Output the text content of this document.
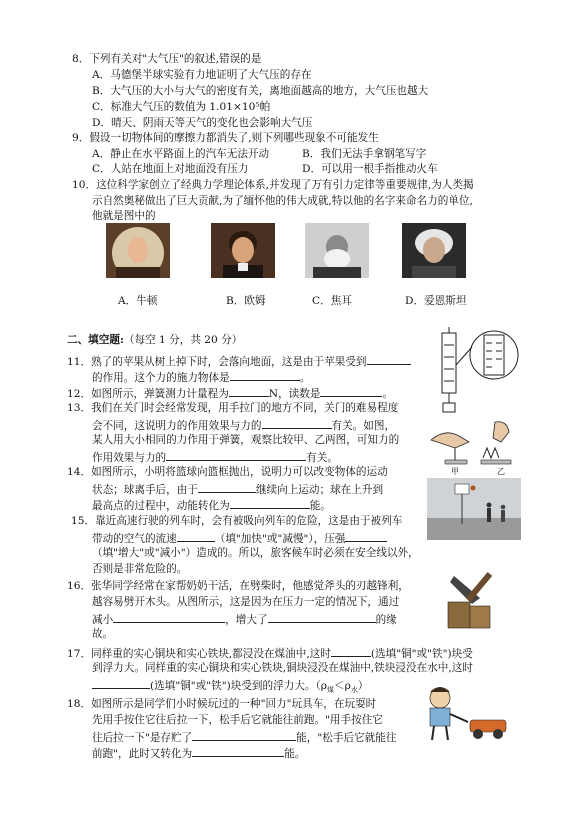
8．下列有关对"大气压"的叙述,错误的是
A．马德堡半球实验有力地证明了大气压的存在
B．大气压的大小与大气的密度有关，离地面越高的地方，大气压也越大
C．标准大气压的数值为 1.01×10⁵帕
D．晴天、阴雨天等天气的变化也会影响大气压
9．假设一切物体间的摩擦力都消失了,则下列哪些现象不可能发生
A．静止在水平路面上的汽车无法开动	B．我们无法手拿钢笔写字
C．人站在地面上对地面没有压力	D．可以用一根手指推动火车
10．这位科学家创立了经典力学理论体系,并发现了万有引力定律等重要规律,为人类揭
示自然奥秘做出了巨大贡献,为了缅怀他的伟大成就,特以他的名字来命名力的单位,
他就是图中的
A．牛顿	B．欧姆	C．焦耳	D．爱恩斯坦
二、填空题:（每空 1 分，共 20 分）
11．熟了的苹果从树上掉下时，会落向地面，这是由于苹果受到
的作用。这个力的施力物体是	。
12．如图所示，弹簧测力计量程为	N，读数是	。
13．我们在关门时会经常发现，用手拉门的地方不同，关门的难易程度
会不同，这说明力的作用效果与力的	有关。如图，
某人用大小相同的力作用于弹簧，观察比较甲、乙两图，可知力的
作用效果与力的	有关。
甲	乙
14．如图所示，小明将篮球向篮框抛出，说明力可以改变物体的运动
状态；球离手后，由于	继续向上运动；球在上升到
最高点的过程中，动能转化为	能。
15．靠近高速行驶的列车时，会有被吸向列车的危险，这是由于被列车
带动的空气的流速	（填"加快"或"减慢"），压强
（填"增大"或"减小"）造成的。所以，旅客候车时必须在安全线以外，
否则是非常危险的。
16．张华同学经常在家帮奶奶干活，在劈柴时，他感觉斧头的刃越锋利，
越容易劈开木头。从图所示，这是因为在压力一定的情况下，通过
减小	，增大了	的缘
故。
17．同样重的实心铜块和实心铁块,都浸没在煤油中,这时	(选填"铜"或"铁")块受
到浮力大。同样重的实心铜块和实心铁块,铜块浸没在煤油中,铁块浸没在水中,这时
(选填"铜"或"铁")块受到的浮力大。$(\rho_煤<\rho_水)$
18．如图所示是同学们小时候玩过的一种"回力"玩具车，在玩耍时
先用手按住它往后拉一下，松手后它就能往前跑。"用手按住它
往后拉一下"是存贮了	能，"松手后它就能往
前跑"，此时又转化为	能。
